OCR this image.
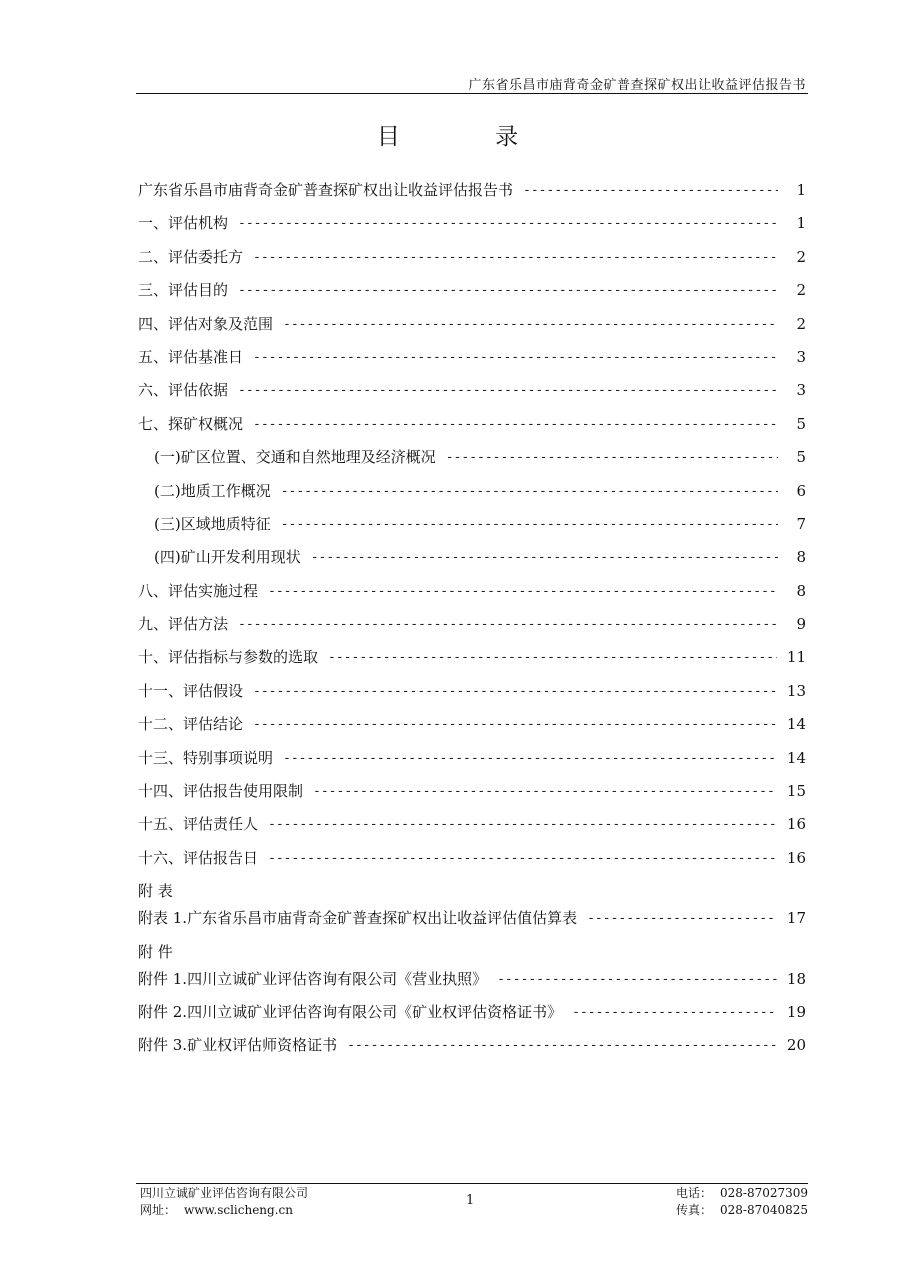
广东省乐昌市庙背奇金矿普查探矿权出让收益评估报告书
目 录
广东省乐昌市庙背奇金矿普查探矿权出让收益评估报告书 -----	1
一、评估机构 -----	1
二、评估委托方 -----	2
三、评估目的 -----	2
四、评估对象及范围 -----	2
五、评估基准日 -----	3
六、评估依据 -----	3
七、探矿权概况 -----	5
(一)矿区位置、交通和自然地理及经济概况 -----	5
(二)地质工作概况 -----	6
(三)区域地质特征 -----	7
(四)矿山开发利用现状 -----	8
八、评估实施过程 -----	8
九、评估方法 -----	9
十、评估指标与参数的选取 -----	11
十一、评估假设 -----	13
十二、评估结论 -----	14
十三、特别事项说明 -----	14
十四、评估报告使用限制 -----	15
十五、评估责任人 -----	16
十六、评估报告日 -----	16
附 表
附表 1.广东省乐昌市庙背奇金矿普查探矿权出让收益评估值估算表 -----	17
附 件
附件 1.四川立诚矿业评估咨询有限公司《营业执照》 -----	18
附件 2.四川立诚矿业评估咨询有限公司《矿业权评估资格证书》 -----	19
附件 3.矿业权评估师资格证书 -----	20
四川立诚矿业评估咨询有限公司
网址： www.sclicheng.cn
1	电话： 028-87027309
传真： 028-87040825
